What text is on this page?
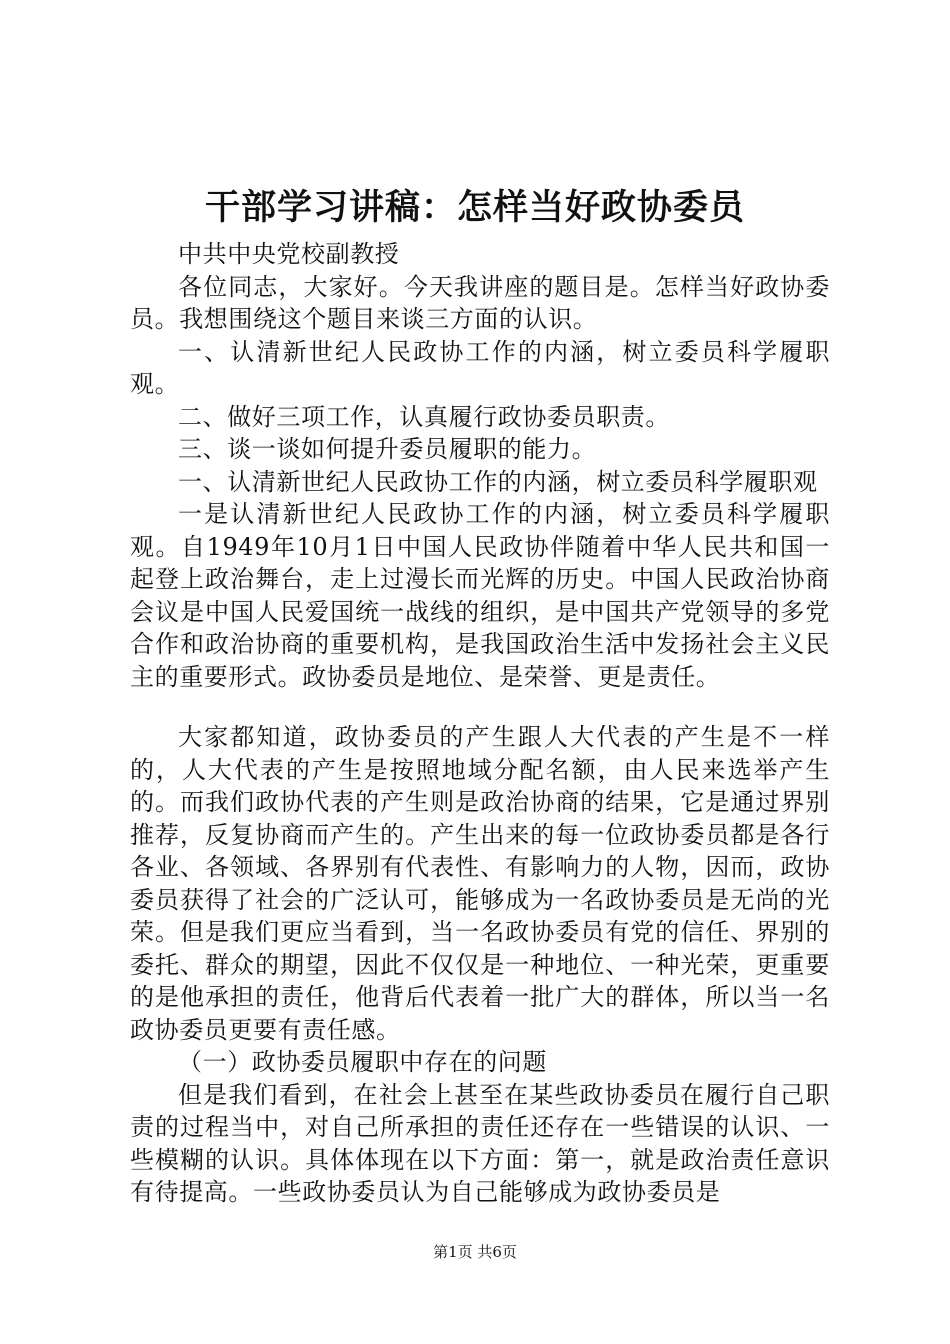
干部学习讲稿：怎样当好政协委员

中共中央党校副教授

各位同志，大家好。今天我讲座的题目是。怎样当好政协委员。我想围绕这个题目来谈三方面的认识。

一、认清新世纪人民政协工作的内涵，树立委员科学履职观。

二、做好三项工作，认真履行政协委员职责。

三、谈一谈如何提升委员履职的能力。

一、认清新世纪人民政协工作的内涵，树立委员科学履职观

一是认清新世纪人民政协工作的内涵，树立委员科学履职观。自1949年10月1日中国人民政协伴随着中华人民共和国一起登上政治舞台，走上过漫长而光辉的历史。中国人民政治协商会议是中国人民爱国统一战线的组织，是中国共产党领导的多党合作和政治协商的重要机构，是我国政治生活中发扬社会主义民主的重要形式。政协委员是地位、是荣誉、更是责任。

大家都知道，政协委员的产生跟人大代表的产生是不一样的，人大代表的产生是按照地域分配名额，由人民来选举产生的。而我们政协代表的产生则是政治协商的结果，它是通过界别推荐，反复协商而产生的。产生出来的每一位政协委员都是各行各业、各领域、各界别有代表性、有影响力的人物，因而，政协委员获得了社会的广泛认可，能够成为一名政协委员是无尚的光荣。但是我们更应当看到，当一名政协委员有党的信任、界别的委托、群众的期望，因此不仅仅是一种地位、一种光荣，更重要的是他承担的责任，他背后代表着一批广大的群体，所以当一名政协委员更要有责任感。

（一）政协委员履职中存在的问题

但是我们看到，在社会上甚至在某些政协委员在履行自己职责的过程当中，对自己所承担的责任还存在一些错误的认识、一些模糊的认识。具体体现在以下方面：第一，就是政治责任意识有待提高。一些政协委员认为自己能够成为政协委员是

第1页 共6页
